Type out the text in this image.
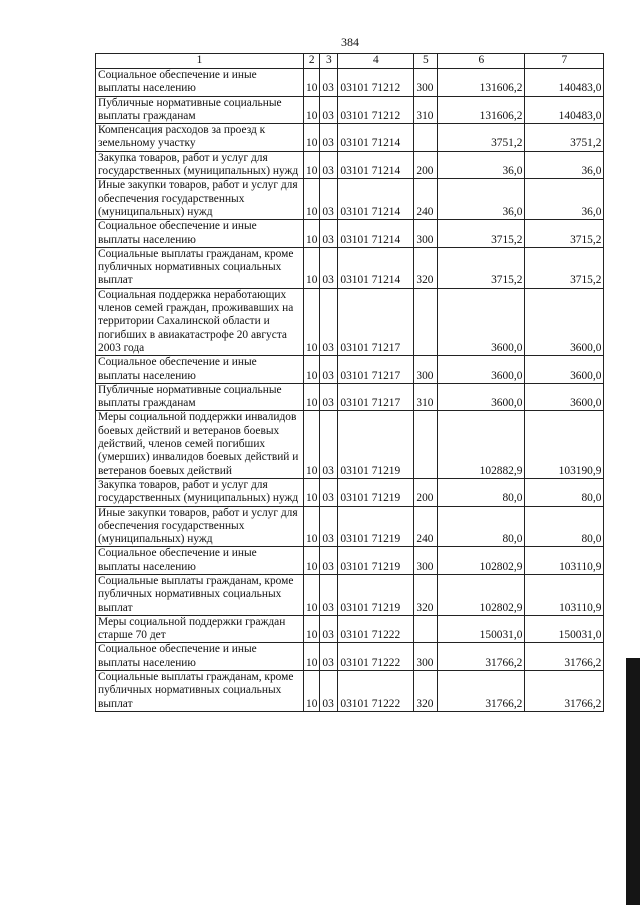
384
1	2	3	4	5	6	7
Социальное обеспечение и иные выплаты населению	10	03	03101 71212	300	131606,2	140483,0
Публичные нормативные социальные выплаты гражданам	10	03	03101 71212	310	131606,2	140483,0
Компенсация расходов за проезд к земельному участку	10	03	03101 71214		3751,2	3751,2
Закупка товаров, работ и услуг для государственных (муниципальных) нужд	10	03	03101 71214	200	36,0	36,0
Иные закупки товаров, работ и услуг для обеспечения государственных (муниципальных) нужд	10	03	03101 71214	240	36,0	36,0
Социальное обеспечение и иные выплаты населению	10	03	03101 71214	300	3715,2	3715,2
Социальные выплаты гражданам, кроме публичных нормативных социальных выплат	10	03	03101 71214	320	3715,2	3715,2
Социальная поддержка неработающих членов семей граждан, проживавших на территории Сахалинской области и погибших в авиакатастрофе 20 августа 2003 года	10	03	03101 71217		3600,0	3600,0
Социальное обеспечение и иные выплаты населению	10	03	03101 71217	300	3600,0	3600,0
Публичные нормативные социальные выплаты гражданам	10	03	03101 71217	310	3600,0	3600,0
Меры социальной поддержки инвалидов боевых действий и ветеранов боевых действий, членов семей погибших (умерших) инвалидов боевых действий и ветеранов боевых действий	10	03	03101 71219		102882,9	103190,9
Закупка товаров, работ и услуг для государственных (муниципальных) нужд	10	03	03101 71219	200	80,0	80,0
Иные закупки товаров, работ и услуг для обеспечения государственных (муниципальных) нужд	10	03	03101 71219	240	80,0	80,0
Социальное обеспечение и иные выплаты населению	10	03	03101 71219	300	102802,9	103110,9
Социальные выплаты гражданам, кроме публичных нормативных социальных выплат	10	03	03101 71219	320	102802,9	103110,9
Меры социальной поддержки граждан старше 70 дет	10	03	03101 71222		150031,0	150031,0
Социальное обеспечение и иные выплаты населению	10	03	03101 71222	300	31766,2	31766,2
Социальные выплаты гражданам, кроме публичных нормативных социальных выплат	10	03	03101 71222	320	31766,2	31766,2
